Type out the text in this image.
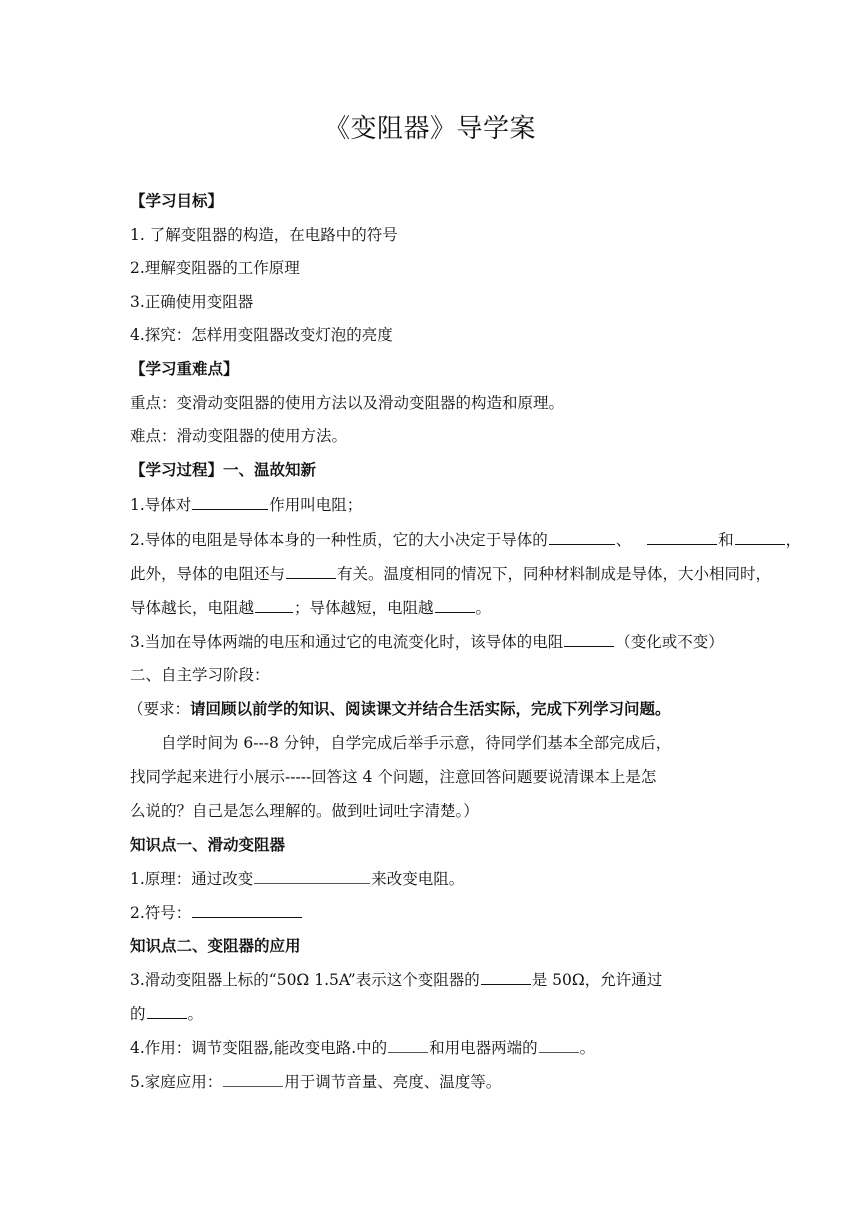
《变阻器》导学案
【学习目标】
1. 了解变阻器的构造，在电路中的符号
2.理解变阻器的工作原理
3.正确使用变阻器
4.探究：怎样用变阻器改变灯泡的亮度
【学习重难点】
重点：变滑动变阻器的使用方法以及滑动变阻器的构造和原理。
难点：滑动变阻器的使用方法。
【学习过程】一、温故知新
1.导体对	作用叫电阻；
2.导体的电阻是导体本身的一种性质，它的大小决定于导体的	、	和	，
此外，导体的电阻还与	有关。温度相同的情况下，同种材料制成是导体，大小相同时，
导体越长，电阻越	；导体越短，电阻越	。
3.当加在导体两端的电压和通过它的电流变化时，该导体的电阻	（变化或不变）
二、自主学习阶段：
（要求：请回顾以前学的知识、阅读课文并结合生活实际，完成下列学习问题。
自学时间为 6---8 分钟，自学完成后举手示意，待同学们基本全部完成后，
找同学起来进行小展示-----回答这 4 个问题，注意回答问题要说清课本上是怎
么说的？自己是怎么理解的。做到吐词吐字清楚。）
知识点一、滑动变阻器
1.原理：通过改变	来改变电阻。
2.符号：
知识点二、变阻器的应用
3.滑动变阻器上标的“50Ω 1.5A”表示这个变阻器的	是 50Ω，允许通过
的	。
4.作用：调节变阻器,能改变电路.中的	和用电器两端的	。
5.家庭应用：	用于调节音量、亮度、温度等。
